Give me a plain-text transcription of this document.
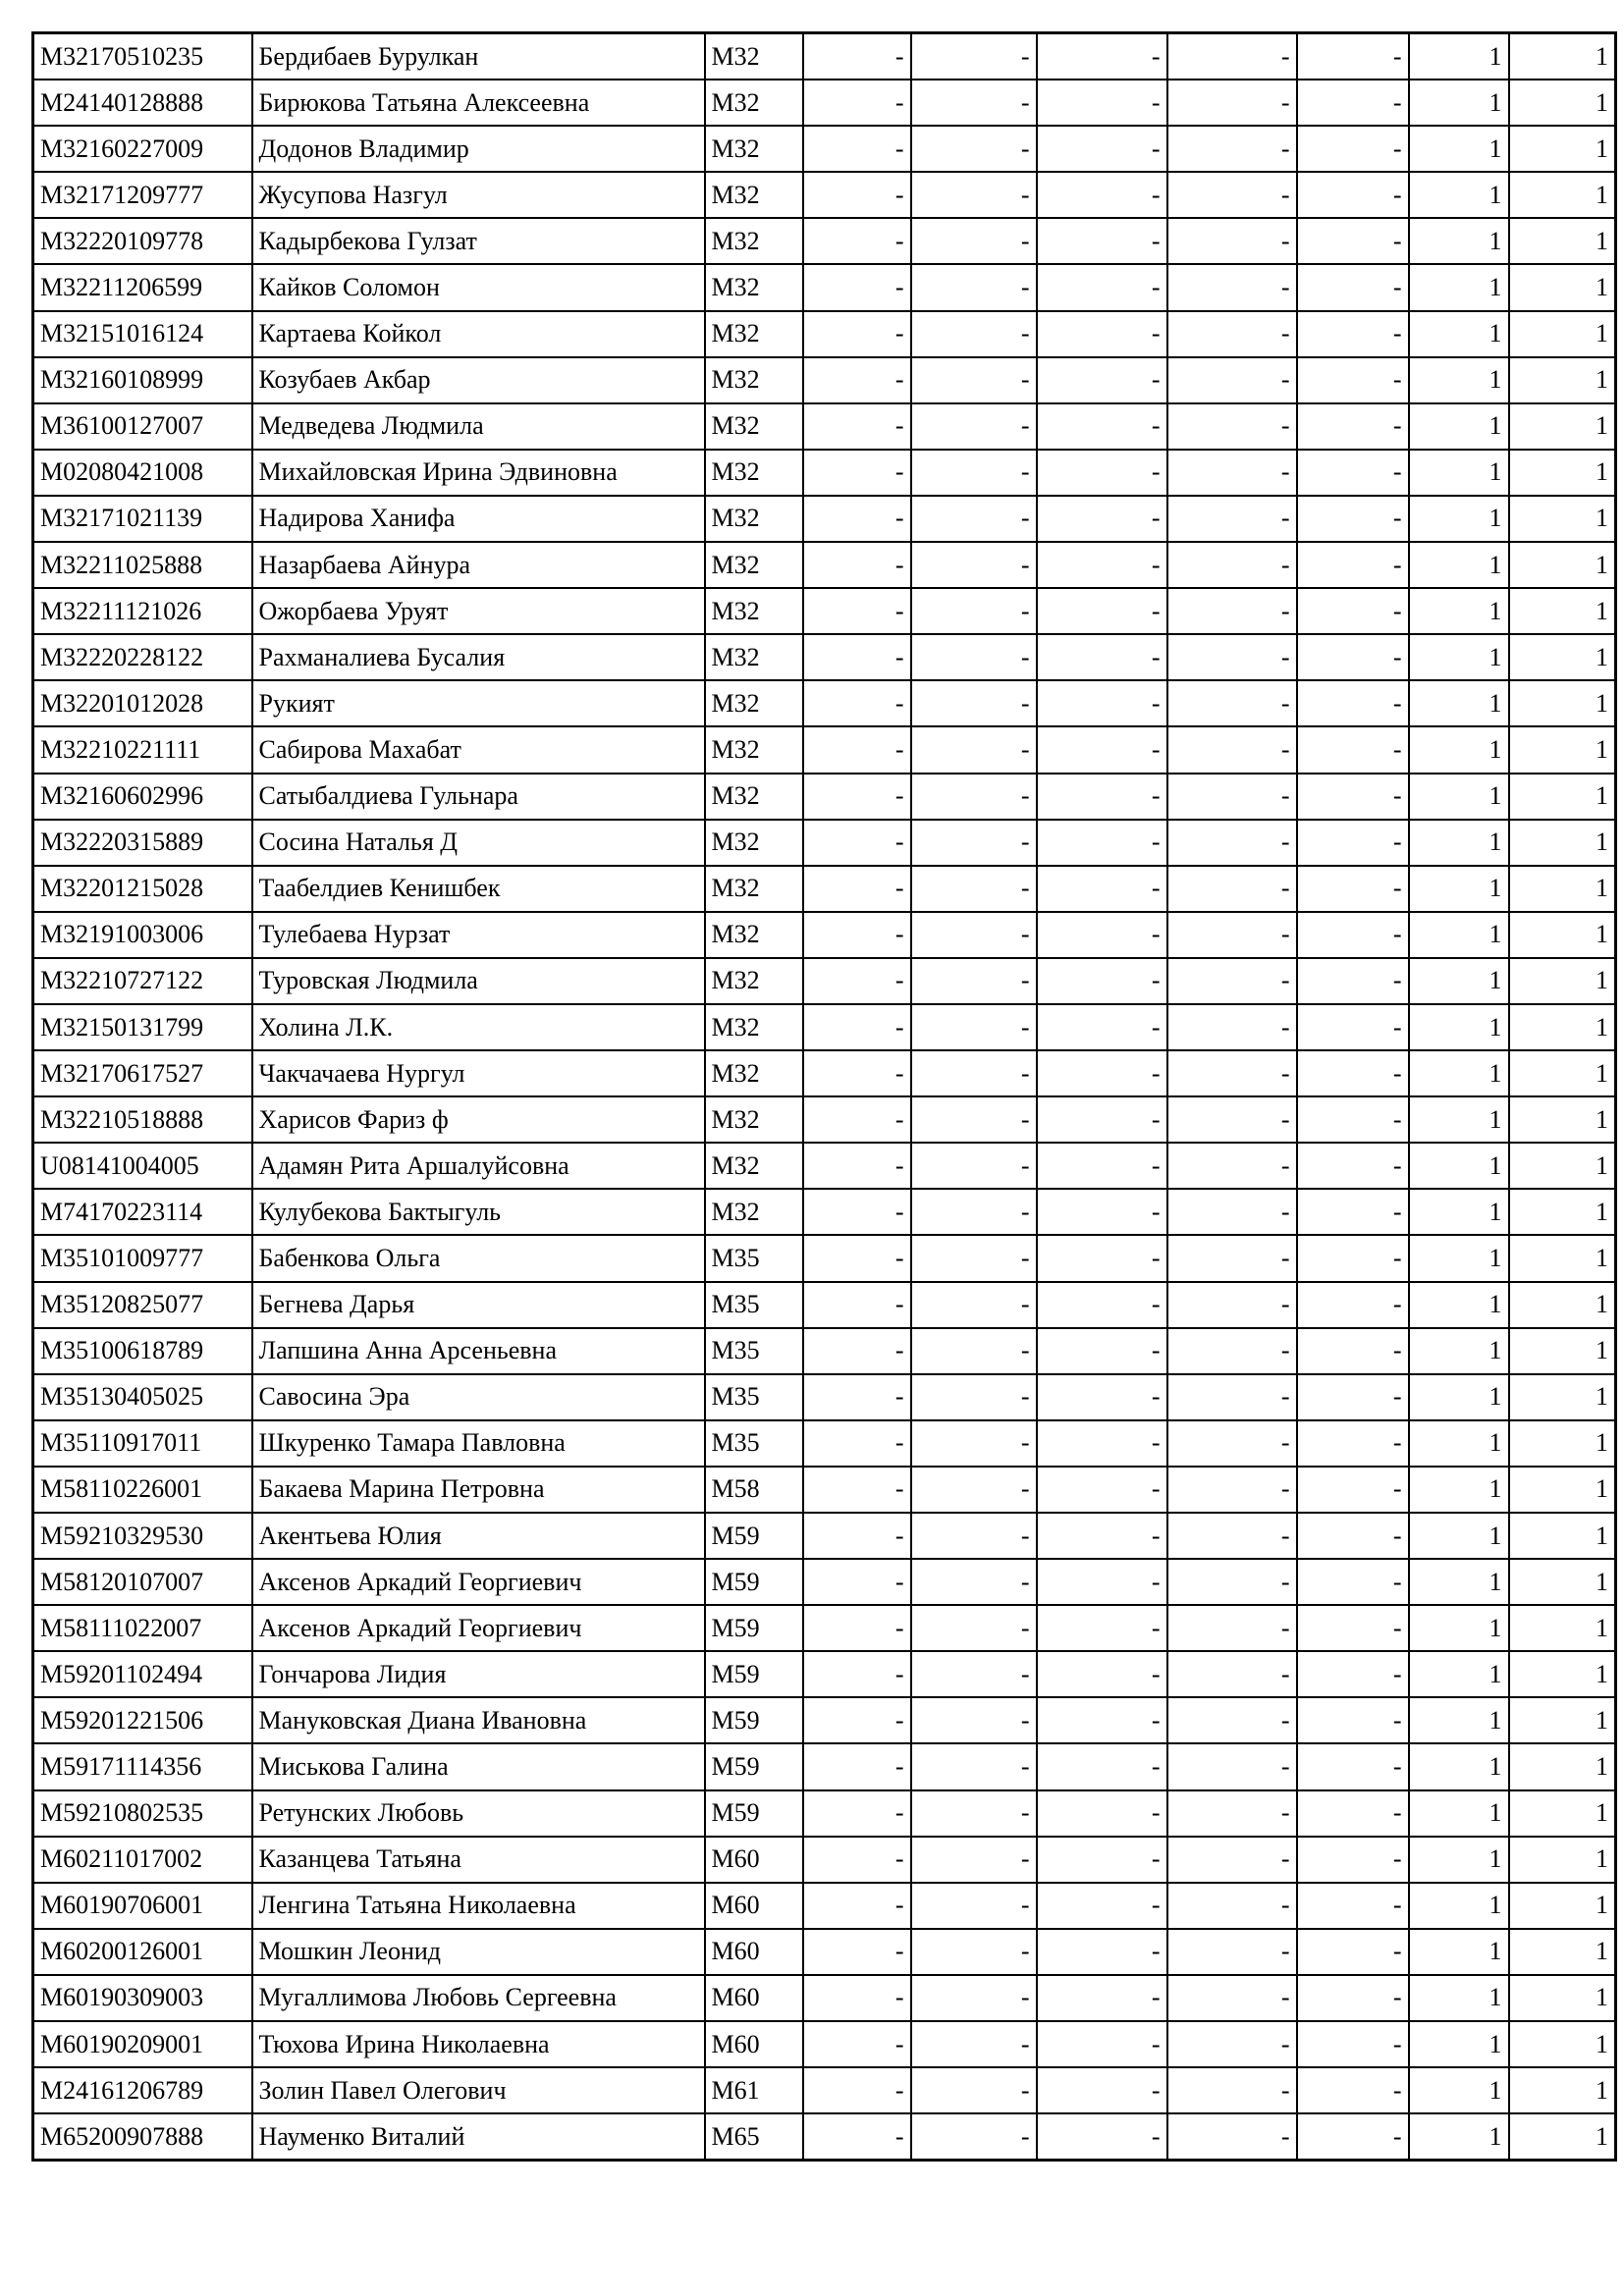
M32170510235	Бердибаев Бурулкан	M32	-	-	-	-	-	1	1
M24140128888	Бирюкова Татьяна Алексеевна	M32	-	-	-	-	-	1	1
M32160227009	Додонов Владимир	M32	-	-	-	-	-	1	1
M32171209777	Жусупова Назгул	M32	-	-	-	-	-	1	1
M32220109778	Кадырбекова Гулзат	M32	-	-	-	-	-	1	1
M32211206599	Кайков Соломон	M32	-	-	-	-	-	1	1
M32151016124	Картаева Койкол	M32	-	-	-	-	-	1	1
M32160108999	Козубаев Акбар	M32	-	-	-	-	-	1	1
M36100127007	Медведева Людмила	M32	-	-	-	-	-	1	1
M02080421008	Михайловская Ирина Эдвиновна	M32	-	-	-	-	-	1	1
M32171021139	Надирова Ханифа	M32	-	-	-	-	-	1	1
M32211025888	Назарбаева Айнура	M32	-	-	-	-	-	1	1
M32211121026	Ожорбаева Уруят	M32	-	-	-	-	-	1	1
M32220228122	Рахманалиева Бусалия	M32	-	-	-	-	-	1	1
M32201012028	Рукият	M32	-	-	-	-	-	1	1
M32210221111	Сабирова Махабат	M32	-	-	-	-	-	1	1
M32160602996	Сатыбалдиева Гульнара	M32	-	-	-	-	-	1	1
M32220315889	Сосина Наталья Д	M32	-	-	-	-	-	1	1
M32201215028	Таабелдиев Кенишбек	M32	-	-	-	-	-	1	1
M32191003006	Тулебаева Нурзат	M32	-	-	-	-	-	1	1
M32210727122	Туровская Людмила	M32	-	-	-	-	-	1	1
M32150131799	Холина Л.К.	M32	-	-	-	-	-	1	1
M32170617527	Чакчачаева Нургул	M32	-	-	-	-	-	1	1
M32210518888	Харисов Фариз ф	M32	-	-	-	-	-	1	1
U08141004005	Адамян Рита Аршалуйсовна	M32	-	-	-	-	-	1	1
M74170223114	Кулубекова Бактыгуль	M32	-	-	-	-	-	1	1
M35101009777	Бабенкова Ольга	M35	-	-	-	-	-	1	1
M35120825077	Бегнева Дарья	M35	-	-	-	-	-	1	1
M35100618789	Лапшина Анна Арсеньевна	M35	-	-	-	-	-	1	1
M35130405025	Савосина Эра	M35	-	-	-	-	-	1	1
M35110917011	Шкуренко Тамара Павловна	M35	-	-	-	-	-	1	1
M58110226001	Бакаева Марина Петровна	M58	-	-	-	-	-	1	1
M59210329530	Акентьева Юлия	M59	-	-	-	-	-	1	1
M58120107007	Аксенов Аркадий Георгиевич	M59	-	-	-	-	-	1	1
M58111022007	Аксенов Аркадий Георгиевич	M59	-	-	-	-	-	1	1
M59201102494	Гончарова Лидия	M59	-	-	-	-	-	1	1
M59201221506	Мануковская Диана Ивановна	M59	-	-	-	-	-	1	1
M59171114356	Миськова Галина	M59	-	-	-	-	-	1	1
M59210802535	Ретунских Любовь	M59	-	-	-	-	-	1	1
M60211017002	Казанцева Татьяна	M60	-	-	-	-	-	1	1
M60190706001	Ленгина Татьяна Николаевна	M60	-	-	-	-	-	1	1
M60200126001	Мошкин Леонид	M60	-	-	-	-	-	1	1
M60190309003	Мугаллимова Любовь Сергеевна	M60	-	-	-	-	-	1	1
M60190209001	Тюхова Ирина Николаевна	M60	-	-	-	-	-	1	1
M24161206789	Золин Павел Олегович	M61	-	-	-	-	-	1	1
M65200907888	Науменко Виталий	M65	-	-	-	-	-	1	1
